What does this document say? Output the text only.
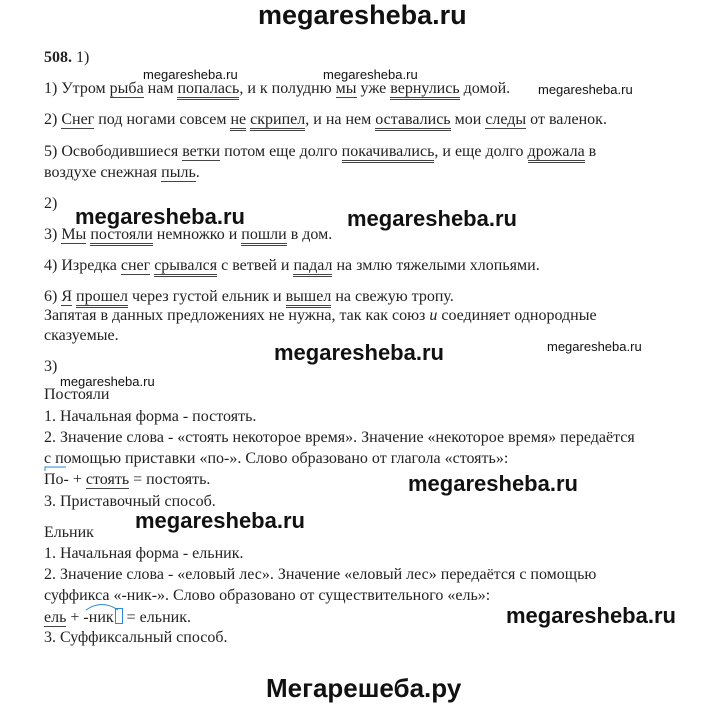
megaresheba.ru
508. 1)
megaresheba.ru	megaresheba.ru
1) Утром рыба нам попалась, и к полудню мы уже вернулись домой. megaresheba.ru
2) Снег под ногами совсем не скрипел, и на нем оставались мои следы от валенок.
5) Освободившиеся ветки потом еще долго покачивались, и еще долго дрожала в
воздухе снежная пыль.
2)
megaresheba.ru	megaresheba.ru
3) Мы постояли немножко и пошли в дом.
4) Изредка снег срывался с ветвей и падал на змлю тяжелыми хлопьями.
6) Я прошел через густой ельник и вышел на свежую тропу.
Запятая в данных предложениях не нужна, так как союз и соединяет однородные
сказуемые.
megaresheba.ru	megaresheba.ru
3)
megaresheba.ru
Постояли
1. Начальная форма - постоять.
2. Значение слова - «стоять некоторое время». Значение «некоторое время» передаётся
с помощью приставки «по-». Слово образовано от глагола «стоять»:
По- + стоять = постоять.
3. Приставочный способ.
megaresheba.ru
megaresheba.ru
Ельник
1. Начальная форма - ельник.
2. Значение слова - «еловый лес». Значение «еловый лес» передаётся с помощью
суффикса «-ник-». Слово образовано от существительного «ель»:
ель + -ник = ельник.
3. Суффиксальный способ.
megaresheba.ru
Мегарешеба.ру
